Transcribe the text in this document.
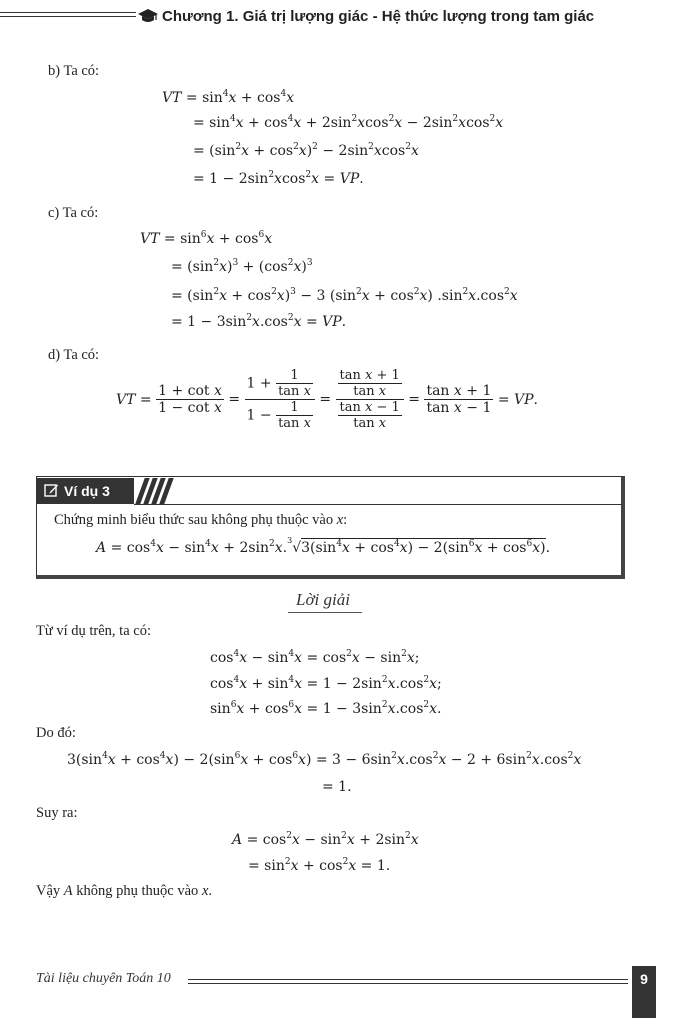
Chương 1. Giá trị lượng giác - Hệ thức lượng trong tam giác
b) Ta có:
VT = $\sin^4x + \cos^4x$
= $\sin^4x + \cos^4x + 2\sin^2xcos^2x - 2\sin^2xcos^2x$
= $(\sin^2x + \cos^2x)^2 - 2\sin^2xcos^2x$
= $1 - 2\sin^2xcos^2x$ = VP.
c) Ta có:
VT = $\sin^6x + \cos^6x$
= $(\sin^2x)^3 + (\cos^2x)^3$
= $(\sin^2x + \cos^2x)^3 - 3$ $(\sin^2x + \cos^2x)$ $.\sin^2x.\cos^2x$
= $1 - 3\sin^2x.\cos^2x$ = VP.
d) Ta có:
VT = $\frac{\text{1 + cot x}}{\text{1 − cot x}} = \frac{1 + \frac{1}{\text{tan x}}}{1 - \frac{1}{\text{tan x}}} = \frac{\frac{\text{tan x + 1}}{\text{tan x}}}{\frac{\text{tan x − 1}}{\text{tan x}}} = \frac{\text{tan x + 1}}{\text{tan x − 1}}$ = VP.
Ví dụ 3
Chứng minh biểu thức sau không phụ thuộc vào x:
$A = \cos^4x - \sin^4x + 2\sin^2x.^3√3(\sin^4x + \cos^4x) - 2(\sin^6x + \cos^6x)$.
Lời giải
Từ ví dụ trên, ta có:
$\cos^4x - \sin^4x = \cos^2x - \sin^2x$;
$\cos^4x + \sin^4x = 1 - 2\sin^2x.\cos^2x$;
$\sin^6x + \cos^6x = 1 - 3\sin^2x.\cos^2x$.
Do đó:
$3(\sin^4x + \cos^4x) - 2(\sin^6x + \cos^6x) = 3 - 6\sin^2x.\cos^2x - 2 + 6\sin^2x.\cos^2x$
= 1.
Suy ra:
$A = \cos^2x - \sin^2x + 2\sin^2x$
= $\sin^2x + \cos^2x = 1$.
Vậy A không phụ thuộc vào x.
Tài liệu chuyên Toán 10	9
